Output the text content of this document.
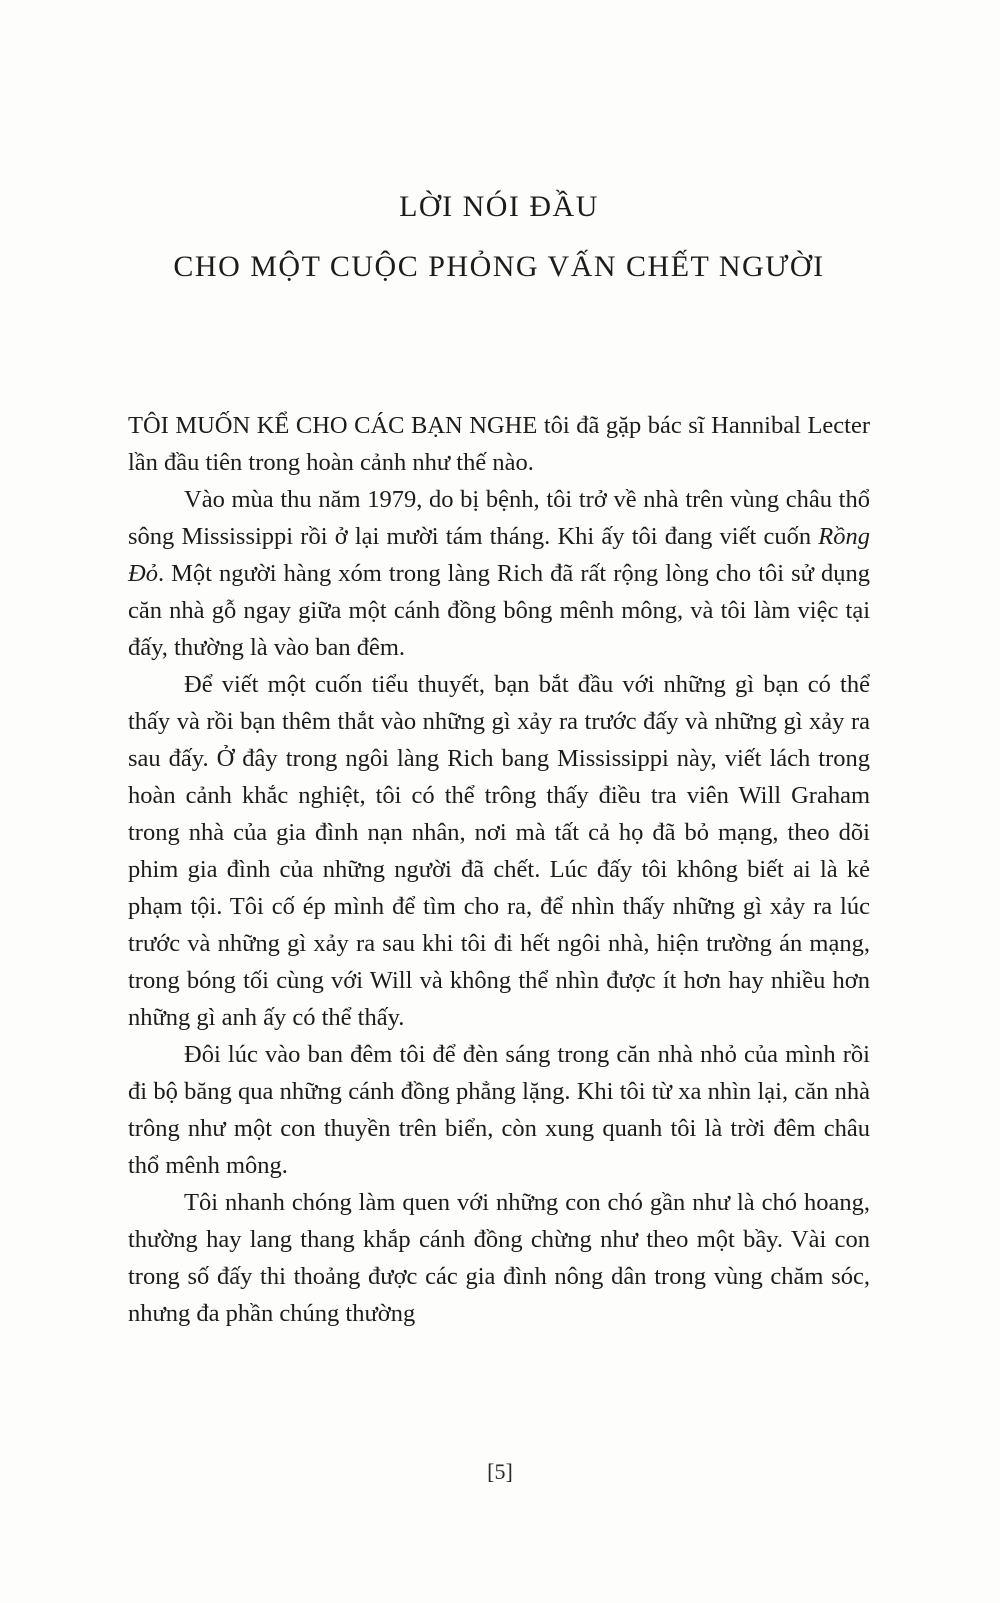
LỜI NÓI ĐẦU
CHO MỘT CUỘC PHỎNG VẤN CHẾT NGƯỜI

TÔI MUỐN KỂ CHO CÁC BẠN NGHE tôi đã gặp bác sĩ Hannibal Lecter lần đầu tiên trong hoàn cảnh như thế nào.

Vào mùa thu năm 1979, do bị bệnh, tôi trở về nhà trên vùng châu thổ sông Mississippi rồi ở lại mười tám tháng. Khi ấy tôi đang viết cuốn Rồng Đỏ. Một người hàng xóm trong làng Rich đã rất rộng lòng cho tôi sử dụng căn nhà gỗ ngay giữa một cánh đồng bông mênh mông, và tôi làm việc tại đấy, thường là vào ban đêm.

Để viết một cuốn tiểu thuyết, bạn bắt đầu với những gì bạn có thể thấy và rồi bạn thêm thắt vào những gì xảy ra trước đấy và những gì xảy ra sau đấy. Ở đây trong ngôi làng Rich bang Mississippi này, viết lách trong hoàn cảnh khắc nghiệt, tôi có thể trông thấy điều tra viên Will Graham trong nhà của gia đình nạn nhân, nơi mà tất cả họ đã bỏ mạng, theo dõi phim gia đình của những người đã chết. Lúc đấy tôi không biết ai là kẻ phạm tội. Tôi cố ép mình để tìm cho ra, để nhìn thấy những gì xảy ra lúc trước và những gì xảy ra sau khi tôi đi hết ngôi nhà, hiện trường án mạng, trong bóng tối cùng với Will và không thể nhìn được ít hơn hay nhiều hơn những gì anh ấy có thể thấy.

Đôi lúc vào ban đêm tôi để đèn sáng trong căn nhà nhỏ của mình rồi đi bộ băng qua những cánh đồng phẳng lặng. Khi tôi từ xa nhìn lại, căn nhà trông như một con thuyền trên biển, còn xung quanh tôi là trời đêm châu thổ mênh mông.

Tôi nhanh chóng làm quen với những con chó gần như là chó hoang, thường hay lang thang khắp cánh đồng chừng như theo một bầy. Vài con trong số đấy thi thoảng được các gia đình nông dân trong vùng chăm sóc, nhưng đa phần chúng thường

[5]
